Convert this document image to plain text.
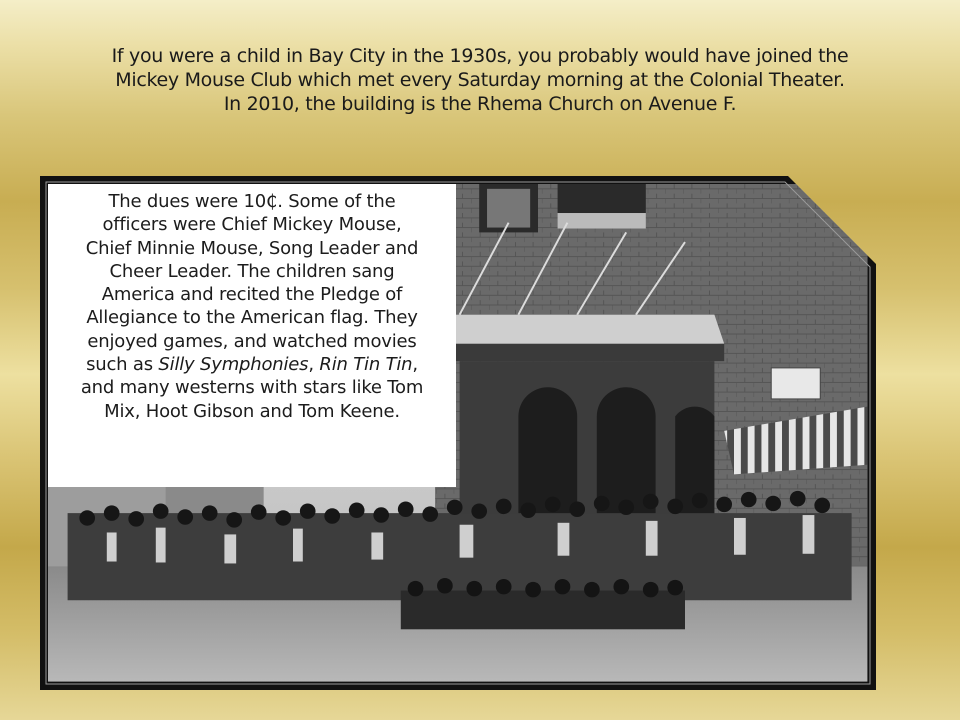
If you were a child in Bay City in the 1930s, you probably would have joined the
Mickey Mouse Club which met every Saturday morning at the Colonial Theater.
In 2010, the building is the Rhema Church on Avenue F.
The dues were 10₵. Some of the
officers were Chief Mickey Mouse,
Chief Minnie Mouse, Song Leader and
Cheer Leader. The children sang
America and recited the Pledge of
Allegiance to the American flag. They
enjoyed games, and watched movies
such as Silly Symphonies, Rin Tin Tin,
and many westerns with stars like Tom
Mix, Hoot Gibson and Tom Keene.
